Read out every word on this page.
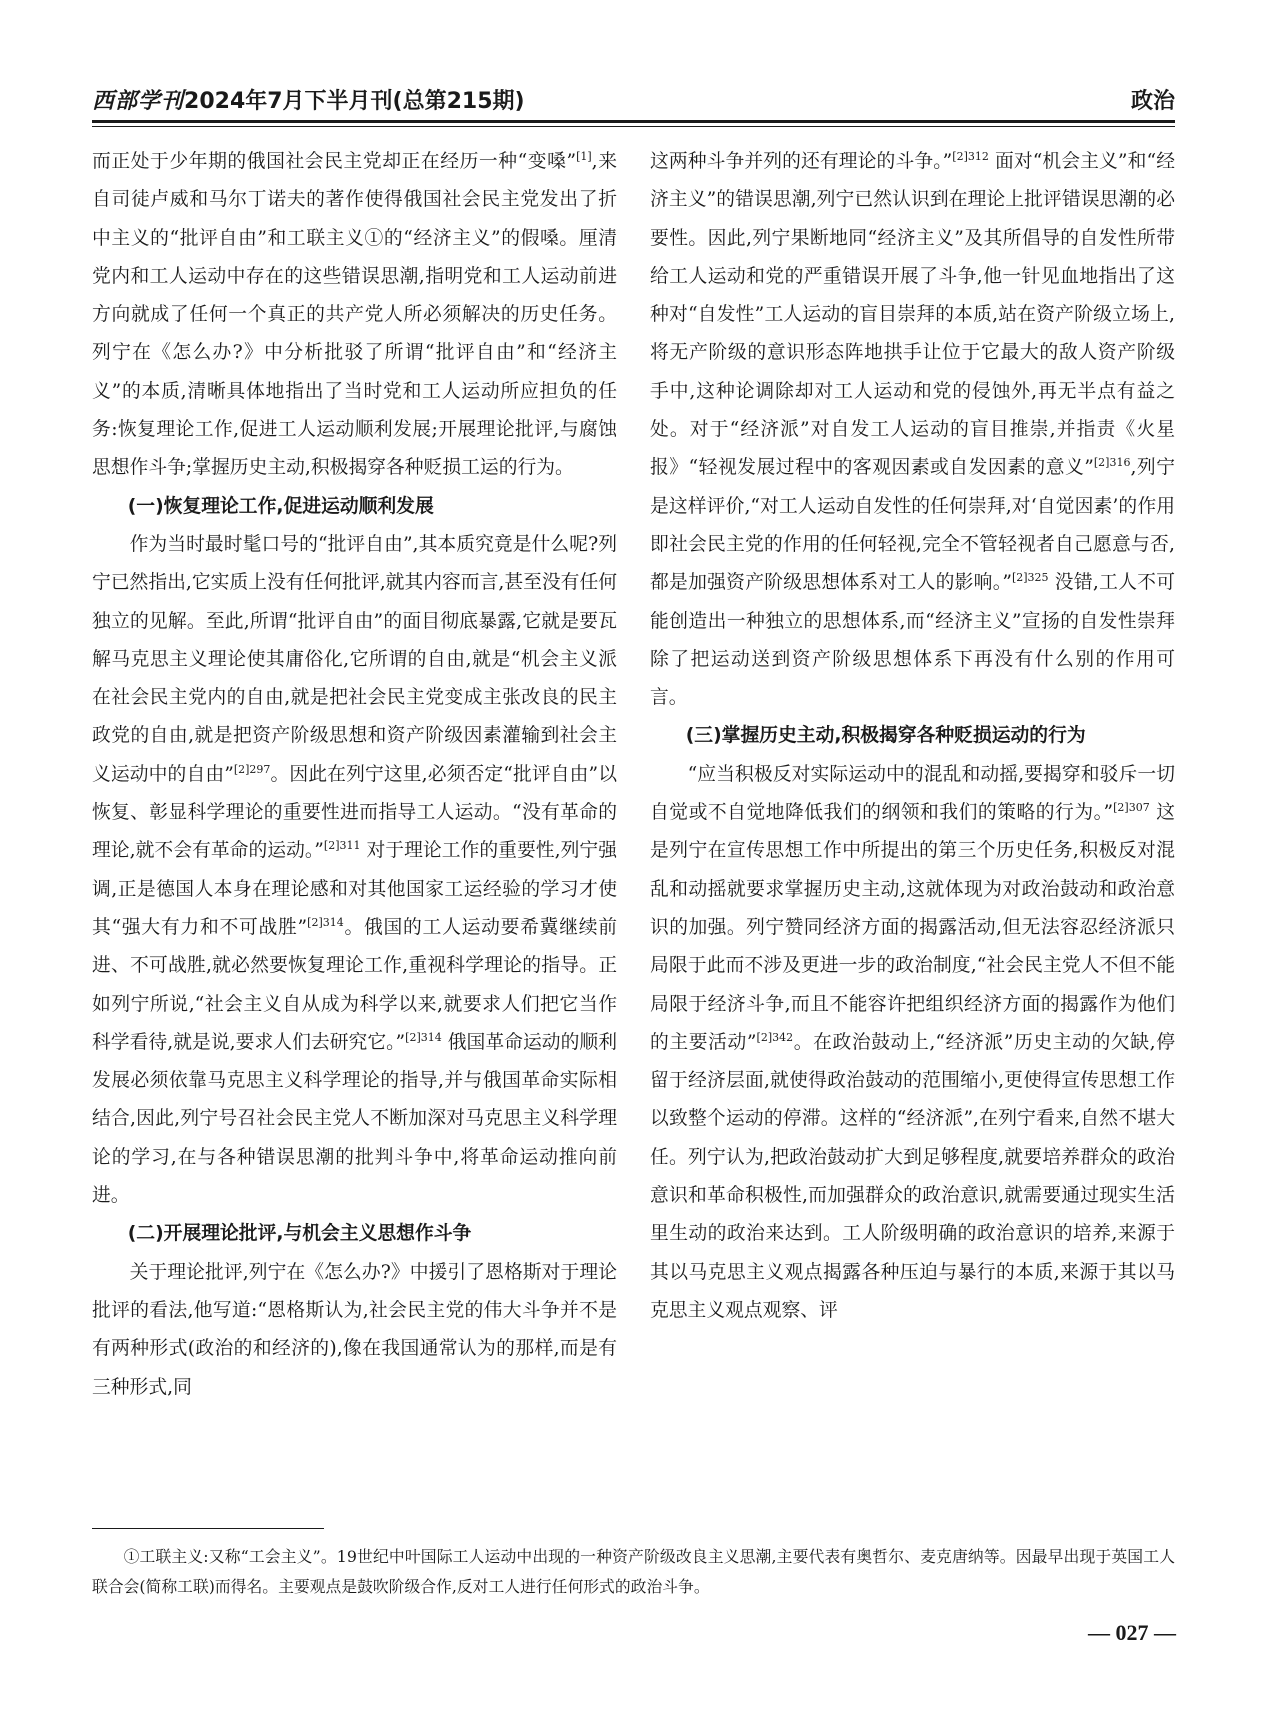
西部学刊2024年7月下半月刊(总第215期)	政治

而正处于少年期的俄国社会民主党却正在经历一种“变嗓”[1],来自司徒卢威和马尔丁诺夫的著作使得俄国社会民主党发出了折中主义的“批评自由”和工联主义①的“经济主义”的假嗓。厘清党内和工人运动中存在的这些错误思潮,指明党和工人运动前进方向就成了任何一个真正的共产党人所必须解决的历史任务。列宁在《怎么办?》中分析批驳了所谓“批评自由”和“经济主义”的本质,清晰具体地指出了当时党和工人运动所应担负的任务:恢复理论工作,促进工人运动顺利发展;开展理论批评,与腐蚀思想作斗争;掌握历史主动,积极揭穿各种贬损工运的行为。

(一)恢复理论工作,促进运动顺利发展

作为当时最时髦口号的“批评自由”,其本质究竟是什么呢?列宁已然指出,它实质上没有任何批评,就其内容而言,甚至没有任何独立的见解。至此,所谓“批评自由”的面目彻底暴露,它就是要瓦解马克思主义理论使其庸俗化,它所谓的自由,就是“机会主义派在社会民主党内的自由,就是把社会民主党变成主张改良的民主政党的自由,就是把资产阶级思想和资产阶级因素灌输到社会主义运动中的自由”$^{[2]297}$。因此在列宁这里,必须否定“批评自由”以恢复、彰显科学理论的重要性进而指导工人运动。“没有革命的理论,就不会有革命的运动。”$^{[2]311}$ 对于理论工作的重要性,列宁强调,正是德国人本身在理论感和对其他国家工运经验的学习才使其“强大有力和不可战胜”$^{[2]314}$。俄国的工人运动要希冀继续前进、不可战胜,就必然要恢复理论工作,重视科学理论的指导。正如列宁所说,“社会主义自从成为科学以来,就要求人们把它当作科学看待,就是说,要求人们去研究它。”$^{[2]314}$ 俄国革命运动的顺利发展必须依靠马克思主义科学理论的指导,并与俄国革命实际相结合,因此,列宁号召社会民主党人不断加深对马克思主义科学理论的学习,在与各种错误思潮的批判斗争中,将革命运动推向前进。

(二)开展理论批评,与机会主义思想作斗争

关于理论批评,列宁在《怎么办?》中援引了恩格斯对于理论批评的看法,他写道:“恩格斯认为,社会民主党的伟大斗争并不是有两种形式(政治的和经济的),像在我国通常认为的那样,而是有三种形式,同

这两种斗争并列的还有理论的斗争。”$^{[2]312}$ 面对“机会主义”和“经济主义”的错误思潮,列宁已然认识到在理论上批评错误思潮的必要性。因此,列宁果断地同“经济主义”及其所倡导的自发性所带给工人运动和党的严重错误开展了斗争,他一针见血地指出了这种对“自发性”工人运动的盲目崇拜的本质,站在资产阶级立场上,将无产阶级的意识形态阵地拱手让位于它最大的敌人资产阶级手中,这种论调除却对工人运动和党的侵蚀外,再无半点有益之处。对于“经济派”对自发工人运动的盲目推崇,并指责《火星报》“轻视发展过程中的客观因素或自发因素的意义”$^{[2]316}$,列宁是这样评价,“对工人运动自发性的任何崇拜,对‘自觉因素’的作用即社会民主党的作用的任何轻视,完全不管轻视者自己愿意与否,都是加强资产阶级思想体系对工人的影响。”$^{[2]325}$ 没错,工人不可能创造出一种独立的思想体系,而“经济主义”宣扬的自发性崇拜除了把运动送到资产阶级思想体系下再没有什么别的作用可言。

(三)掌握历史主动,积极揭穿各种贬损运动的行为

“应当积极反对实际运动中的混乱和动摇,要揭穿和驳斥一切自觉或不自觉地降低我们的纲领和我们的策略的行为。”$^{[2]307}$ 这是列宁在宣传思想工作中所提出的第三个历史任务,积极反对混乱和动摇就要求掌握历史主动,这就体现为对政治鼓动和政治意识的加强。列宁赞同经济方面的揭露活动,但无法容忍经济派只局限于此而不涉及更进一步的政治制度,“社会民主党人不但不能局限于经济斗争,而且不能容许把组织经济方面的揭露作为他们的主要活动”$^{[2]342}$。在政治鼓动上,“经济派”历史主动的欠缺,停留于经济层面,就使得政治鼓动的范围缩小,更使得宣传思想工作以致整个运动的停滞。这样的“经济派”,在列宁看来,自然不堪大任。列宁认为,把政治鼓动扩大到足够程度,就要培养群众的政治意识和革命积极性,而加强群众的政治意识,就需要通过现实生活里生动的政治来达到。工人阶级明确的政治意识的培养,来源于其以马克思主义观点揭露各种压迫与暴行的本质,来源于其以马克思主义观点观察、评

①工联主义:又称“工会主义”。19世纪中叶国际工人运动中出现的一种资产阶级改良主义思潮,主要代表有奥哲尔、麦克唐纳等。因最早出现于英国工人联合会(简称工联)而得名。主要观点是鼓吹阶级合作,反对工人进行任何形式的政治斗争。
— 027 —
